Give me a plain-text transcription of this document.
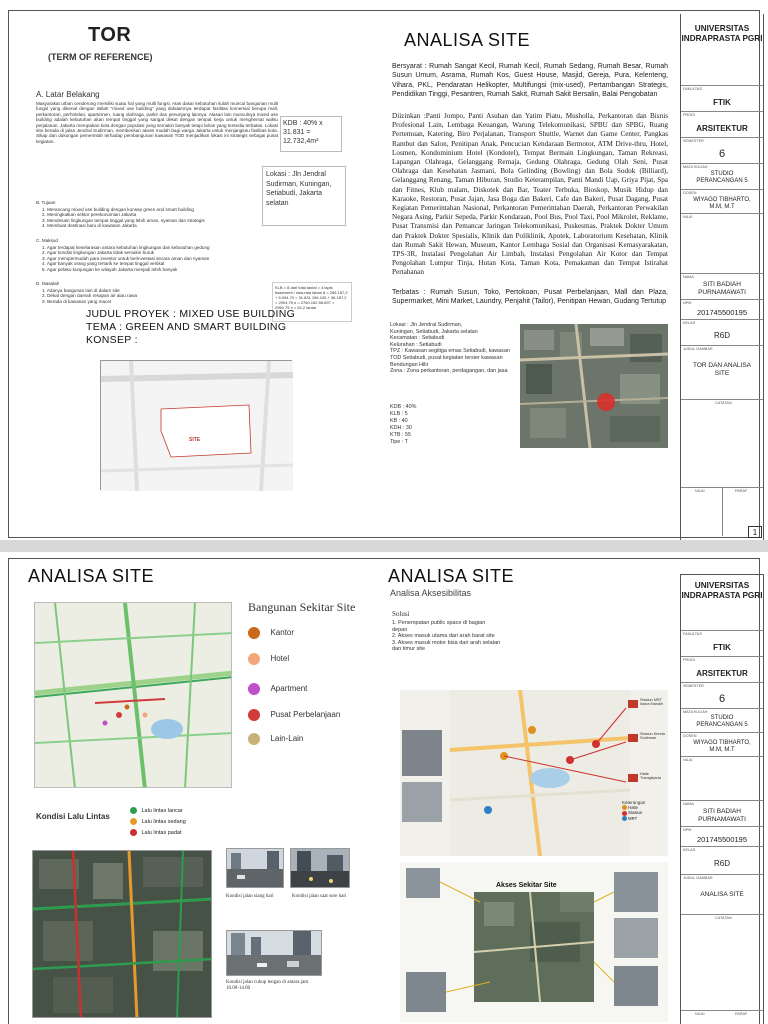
TOR
(TERM OF REFERENCE)
A. Latar Belakang
Masyarakat urban cenderung memiliki suatu hal yang multi fungsi. Atas dasar kebutuhan itulah muncul bangunan multi fungsi yang dikenal dengan istilah "mixed use building" yang didalamnya terdapat fasilitas komersial berupa mall, perkantoran, perhotelan, apartemen, ruang olahraga, parkir dan penunjang lainnya. Alasan lain munculnya mixed use building adalah kebutuhan akan tempat tinggal yang sangat dekat dengan tempat kerja untuk menghemat waktu perjalanan. Jakarta merupakan kota dengan populasi yang semakin banyak tetapi lahan yang tersedia terbatas. Lokasi site berada di jalan Jendral Sudirman, memberikan akses mudah bagi warga Jakarta untuk menjangkau fasilitas kota. Sikap dan dukungan pemerintah terhadap pembangunan kawasan TOD menjadikan lokasi ini strategis sebagai pusat kegiatan.
B. Tujuan
1. Merancang mixed use building dengan konsep green and smart building
2. Meningkatkan sektor perekonomian Jakarta
3. Mendesain lingkungan tempat tinggal yang lebih aman, nyaman dan strategis
4. Membuat destinasi baru di kawasan Jakarta
C. Maksud
1. Agar terdapat keselarasan antara kebutuhan lingkungan dan kebutuhan gedung
2. Agar kondisi lingkungan Jakarta tidak semakin buruk
3. Agar mempermudah para investor untuk berinvestasi secara aman dan nyaman
4. Agar banyak orang yang tertarik ke tempat tinggal vertikal
5. Agar pelaku kunjungan ke wilayah Jakarta menjadi lebih banyak
D. Masalah
1. Adanya bangunan lain di dalam site
2. Dekat dengan daerah resapan air atau rawa
3. Berada di kawasan yang macet
KDB : 40% x 31.831 = 12.732,4m²
Lokasi : Jln Jendral Sudirman, Kuningan, Setiabudi, Jakarta selatan
KLB = 8 dari total lantai = 4 lapis basement / rata-rata lahan 8 = 256.187,2 + 5.094,70 = 31.831 156.105 + 36.187,2 = 2904,75 n = 2760.182.56.697 = 2960.75 n = 62,2 lantai
JUDUL PROYEK : MIXED USE BUILDING
TEMA : GREEN AND SMART BUILDING
KONSEP :
SITE
ANALISA SITE
Bersyarat : Rumah Sangat Kecil, Rumah Kecil, Rumah Sedang, Rumah Besar, Rumah Susun Umum, Asrama, Rumah Kos, Guest House, Masjid, Gereja, Pura, Kelenteng, Vihara, PKL, Pendaratan Helikopter, Multifungsi (mix-used), Pertambangan Strategis, Pendidikan Tinggi, Pesantren, Rumah Sakit, Rumah Sakit Bersalin, Balai Pengobatan
Diizinkan :Panti Jompo, Panti Asuhan dan Yatim Piatu, Musholla, Perkantoran dan Bisnis Profesional Lain, Lembaga Keuangan, Warung Telekomunikasi, SPBU dan SPBG, Ruang Pertemuan, Katering, Biro Perjalanan, Transport Shuttle, Warnet dan Game Center, Pangkas Rambut dan Salon, Penitipan Anak, Pencucian Kendaraan Bermotor, ATM Drive-thru, Hotel, Losmen, Kondominium Hotel (Kondotel), Tempat Bermain Lingkungan, Taman Rekreasi, Lapangan Olahraga, Gelanggang Remaja, Gedung Olahraga, Gedung Olah Seni, Pusat Olahraga dan Kesehatan Jasmani, Bola Gelinding (Bowling) dan Bola Sodok (Billiard), Gelanggang Renang, Taman Hiburan, Studio Keterampilan, Panti Mandi Uap, Griya Pijat, Spa dan Fitnes, Klub malam, Diskotek dan Bar, Teater Terbuka, Bioskop, Musik Hidup dan Karaoke, Restoran, Pusat Jajan, Jasa Boga dan Bakeri, Cafe dan Bakeri, Pusat Dagang, Pusat Kegiatan Pemerintahan Nasional, Perkantoran Pemerintahan Daerah, Perkantoran Perwakilan Negara Asing, Parkir Sepeda, Parkir Kendaraan, Pool Bus, Pool Taxi, Pool Mikrolet, Reklame, Pusat Transmisi dan Pemancar Jaringan Telekomunikasi, Puskesmas, Praktek Dokter Umum dan Praktek Dokter Spesialis, Klinik dan Poliklinik, Apotek, Laboratorium Kesehatan, Klinik dan Rumah Sakit Hewan, Museum, Kantor Lembaga Sosial dan Organisasi Kemasyarakatan, TPS-3R, Instalasi Pengolahan Air Limbah, Instalasi Pengolahan Air Kotor dan Tempat Pengolahan Lumpur Tinja, Hutan Kota, Taman Kota, Pemakaman dan Tempat Istirahat Pertahanan
Terbatas : Rumah Susun, Toko, Pertokoan, Pusat Perbelanjaan, Mall dan Plaza, Supermarket, Mini Market, Laundry, Penjahit (Tailor), Penitipan Hewan, Gudang Tertutup
Lokasi : Jln Jendral Sudirman,
Kuningan, Setiabudi, Jakarta selatan
Kecamatan : Setiabudi
Kelurahan : Setiabudi
TPZ : Kawasan segitiga emas Setiabudi, kawasan TOD Setiabudi, pusat kegiatan tersier kawasan Bendungan Hilir
Zona : Zona perkantoran, perdagangan, dan jasa
KDB : 40%
KLB : 5
KB : 40
KDH : 30
KTB : 55
Tipe : T
UNIVERSITAS INDRAPRASTA PGRI
FAKULTAS
FTIK
PRODI
ARSITEKTUR
SEMESTER
6
MATA KULIAH
STUDIO PERANCANGAN 5
DOSEN
WIYAGO TIBHARTO, M.M, M.T
NILAI
NAMA
SITI BADIAH PURNAMAWATI
NPM
201745500195
KELAS
R6D
JUDUL GAMBAR
TOR DAN ANALISA SITE
CATATAN
NILAI	PARAF
1
ANALISA SITE	ANALISA SITE
Analisa Aksesibilitas
Bangunan Sekitar Site
Kantor
Hotel
Apartment
Pusat Perbelanjaan
Lain-Lain
Kondisi Lalu Lintas
Lalu lintas lancar
Lalu lintas sedang
Lalu lintas padat
Kondisi jalan siang hari	Kondisi jalan saat sore hari
Kondisi jalan cukup lengan di antara jam 10.00-14.00
Solusi
1. Penempatan public space di bagian depan
2. Akses masuk utama dari arah barat site
3. Akses masuk motor bisa dari arah selatan dan timur site
Stasiun MRT Istora Mandiri
Stasiun Kereta Sudirman
Halte Transjakarta
Keterangan
Halte
Stasiun
MRT
Akses Sekitar Site
UNIVERSITAS INDRAPRASTA PGRI
FAKULTAS
FTIK
PRODI
ARSITEKTUR
SEMESTER
6
MATA KULIAH
STUDIO PERANCANGAN 5
DOSEN
WIYAGO TIBHARTO, M.M, M.T
NILAI
NAMA
SITI BADIAH PURNAMAWATI
NPM
201745500195
KELAS
R6D
JUDUL GAMBAR
ANALISA SITE
CATATAN
NILAI	PARAF
